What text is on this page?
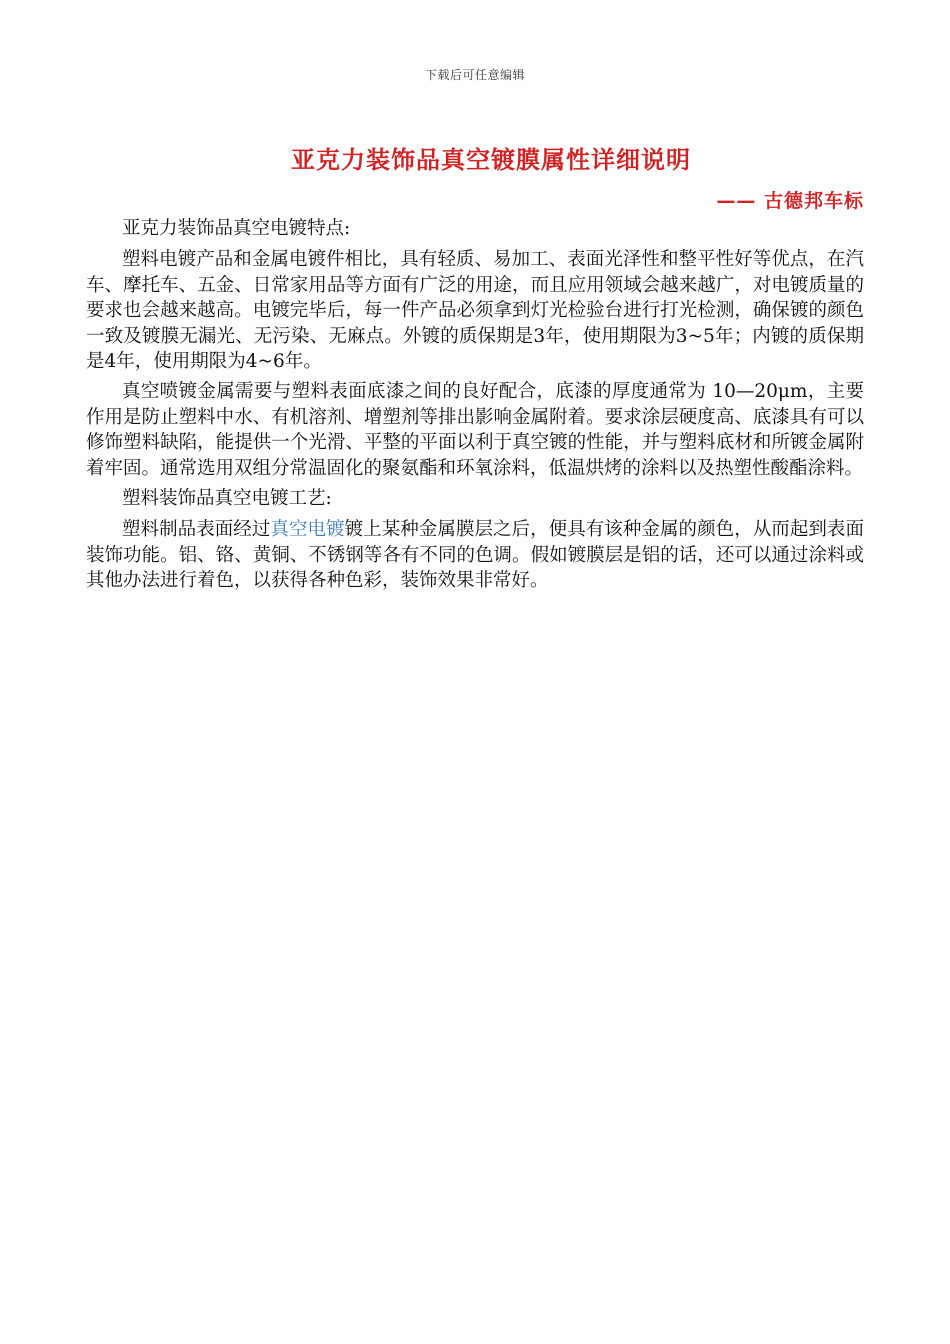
下载后可任意编辑
亚克力装饰品真空镀膜属性详细说明
—— 古德邦车标

亚克力装饰品真空电镀特点:

塑料电镀产品和金属电镀件相比，具有轻质、易加工、表面光泽性和整平性好等优点，在汽车、摩托车、五金、日常家用品等方面有广泛的用途，而且应用领域会越来越广，对电镀质量的要求也会越来越高。电镀完毕后，每一件产品必须拿到灯光检验台进行打光检测，确保镀的颜色一致及镀膜无漏光、无污染、无麻点。外镀的质保期是3年，使用期限为3~5年；内镀的质保期是4年，使用期限为4~6年。

真空喷镀金属需要与塑料表面底漆之间的良好配合，底漆的厚度通常为 10—20μm，主要作用是防止塑料中水、有机溶剂、增塑剂等排出影响金属附着。要求涂层硬度高、底漆具有可以修饰塑料缺陷，能提供一个光滑、平整的平面以利于真空镀的性能，并与塑料底材和所镀金属附着牢固。通常选用双组分常温固化的聚氨酯和环氧涂料，低温烘烤的涂料以及热塑性酸酯涂料。

塑料装饰品真空电镀工艺:

塑料制品表面经过真空电镀镀上某种金属膜层之后，便具有该种金属的颜色，从而起到表面装饰功能。铝、铬、黄铜、不锈钢等各有不同的色调。假如镀膜层是铝的话，还可以通过涂料或其他办法进行着色，以获得各种色彩，装饰效果非常好。
